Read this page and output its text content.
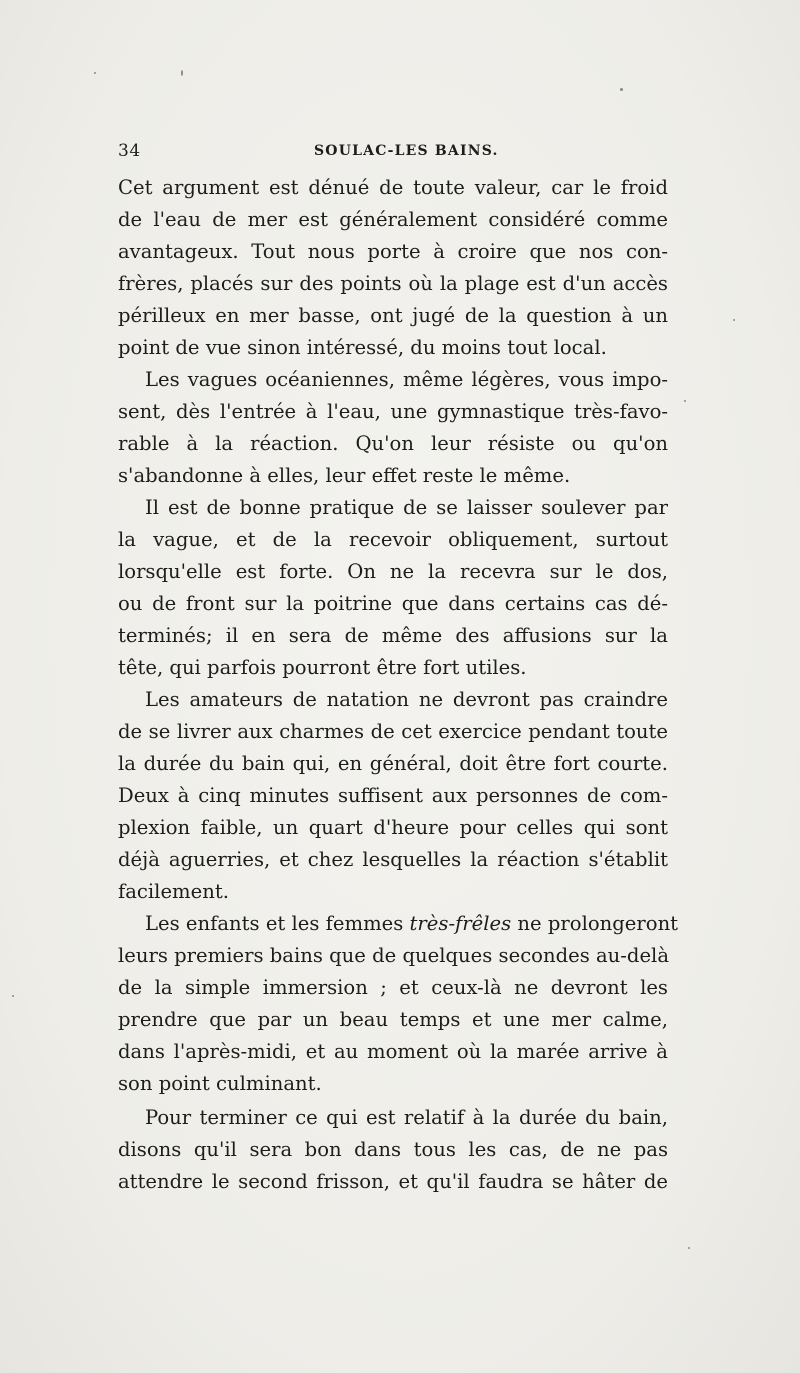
34	SOULAC-LES BAINS.
Cet argument est dénué de toute valeur, car le froid
de l'eau de mer est généralement considéré comme
avantageux. Tout nous porte à croire que nos con-
frères, placés sur des points où la plage est d'un accès
périlleux en mer basse, ont jugé de la question à un
point de vue sinon intéressé, du moins tout local.
Les vagues océaniennes, même légères, vous impo-
sent, dès l'entrée à l'eau, une gymnastique très-favo-
rable à la réaction. Qu'on leur résiste ou qu'on
s'abandonne à elles, leur effet reste le même.
Il est de bonne pratique de se laisser soulever par
la vague, et de la recevoir obliquement, surtout
lorsqu'elle est forte. On ne la recevra sur le dos,
ou de front sur la poitrine que dans certains cas dé-
terminés; il en sera de même des affusions sur la
tête, qui parfois pourront être fort utiles.
Les amateurs de natation ne devront pas craindre
de se livrer aux charmes de cet exercice pendant toute
la durée du bain qui, en général, doit être fort courte.
Deux à cinq minutes suffisent aux personnes de com-
plexion faible, un quart d'heure pour celles qui sont
déjà aguerries, et chez lesquelles la réaction s'établit
facilement.
Les enfants et les femmes très-frêles ne prolongeront
leurs premiers bains que de quelques secondes au-delà
de la simple immersion ; et ceux-là ne devront les
prendre que par un beau temps et une mer calme,
dans l'après-midi, et au moment où la marée arrive à
son point culminant.
Pour terminer ce qui est relatif à la durée du bain,
disons qu'il sera bon dans tous les cas, de ne pas
attendre le second frisson, et qu'il faudra se hâter de
